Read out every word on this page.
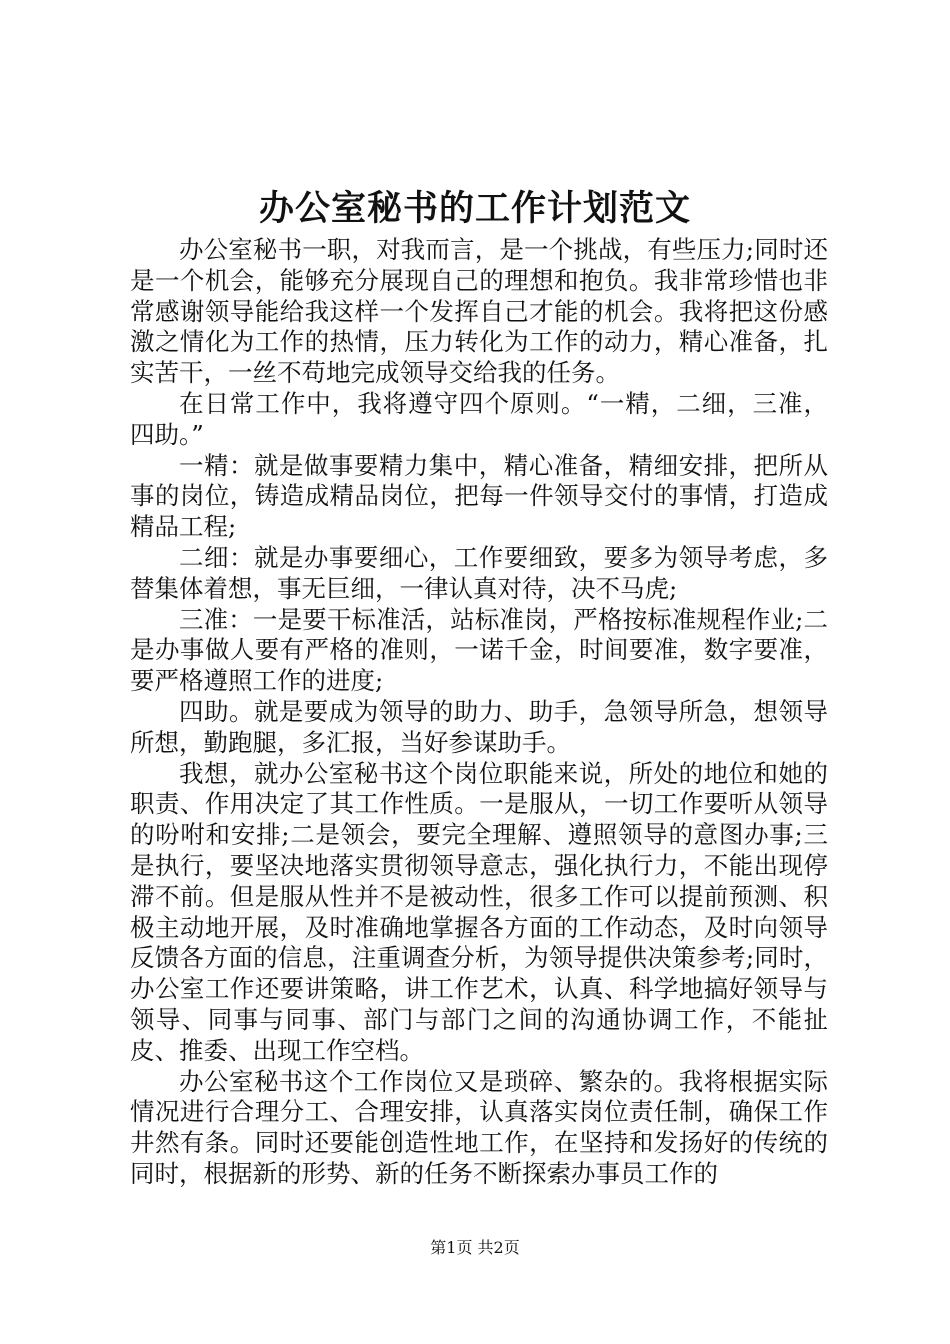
办公室秘书的工作计划范文

办公室秘书一职，对我而言，是一个挑战，有些压力;同时还是一个机会，能够充分展现自己的理想和抱负。我非常珍惜也非常感谢领导能给我这样一个发挥自己才能的机会。我将把这份感激之情化为工作的热情，压力转化为工作的动力，精心准备，扎实苦干，一丝不苟地完成领导交给我的任务。

在日常工作中，我将遵守四个原则。“一精，二细，三准，四助。”

一精：就是做事要精力集中，精心准备，精细安排，把所从事的岗位，铸造成精品岗位，把每一件领导交付的事情，打造成精品工程;

二细：就是办事要细心，工作要细致，要多为领导考虑，多替集体着想，事无巨细，一律认真对待，决不马虎;

三准：一是要干标准活，站标准岗，严格按标准规程作业;二是办事做人要有严格的准则，一诺千金，时间要准，数字要准，要严格遵照工作的进度;

四助。就是要成为领导的助力、助手，急领导所急，想领导所想，勤跑腿，多汇报，当好参谋助手。

我想，就办公室秘书这个岗位职能来说，所处的地位和她的职责、作用决定了其工作性质。一是服从，一切工作要听从领导的吩咐和安排;二是领会，要完全理解、遵照领导的意图办事;三是执行，要坚决地落实贯彻领导意志，强化执行力，不能出现停滞不前。但是服从性并不是被动性，很多工作可以提前预测、积极主动地开展，及时准确地掌握各方面的工作动态，及时向领导反馈各方面的信息，注重调查分析，为领导提供决策参考;同时，办公室工作还要讲策略，讲工作艺术，认真、科学地搞好领导与领导、同事与同事、部门与部门之间的沟通协调工作，不能扯皮、推委、出现工作空档。

办公室秘书这个工作岗位又是琐碎、繁杂的。我将根据实际情况进行合理分工、合理安排，认真落实岗位责任制，确保工作井然有条。同时还要能创造性地工作，在坚持和发扬好的传统的同时，根据新的形势、新的任务不断探索办事员工作的

第1页 共2页
